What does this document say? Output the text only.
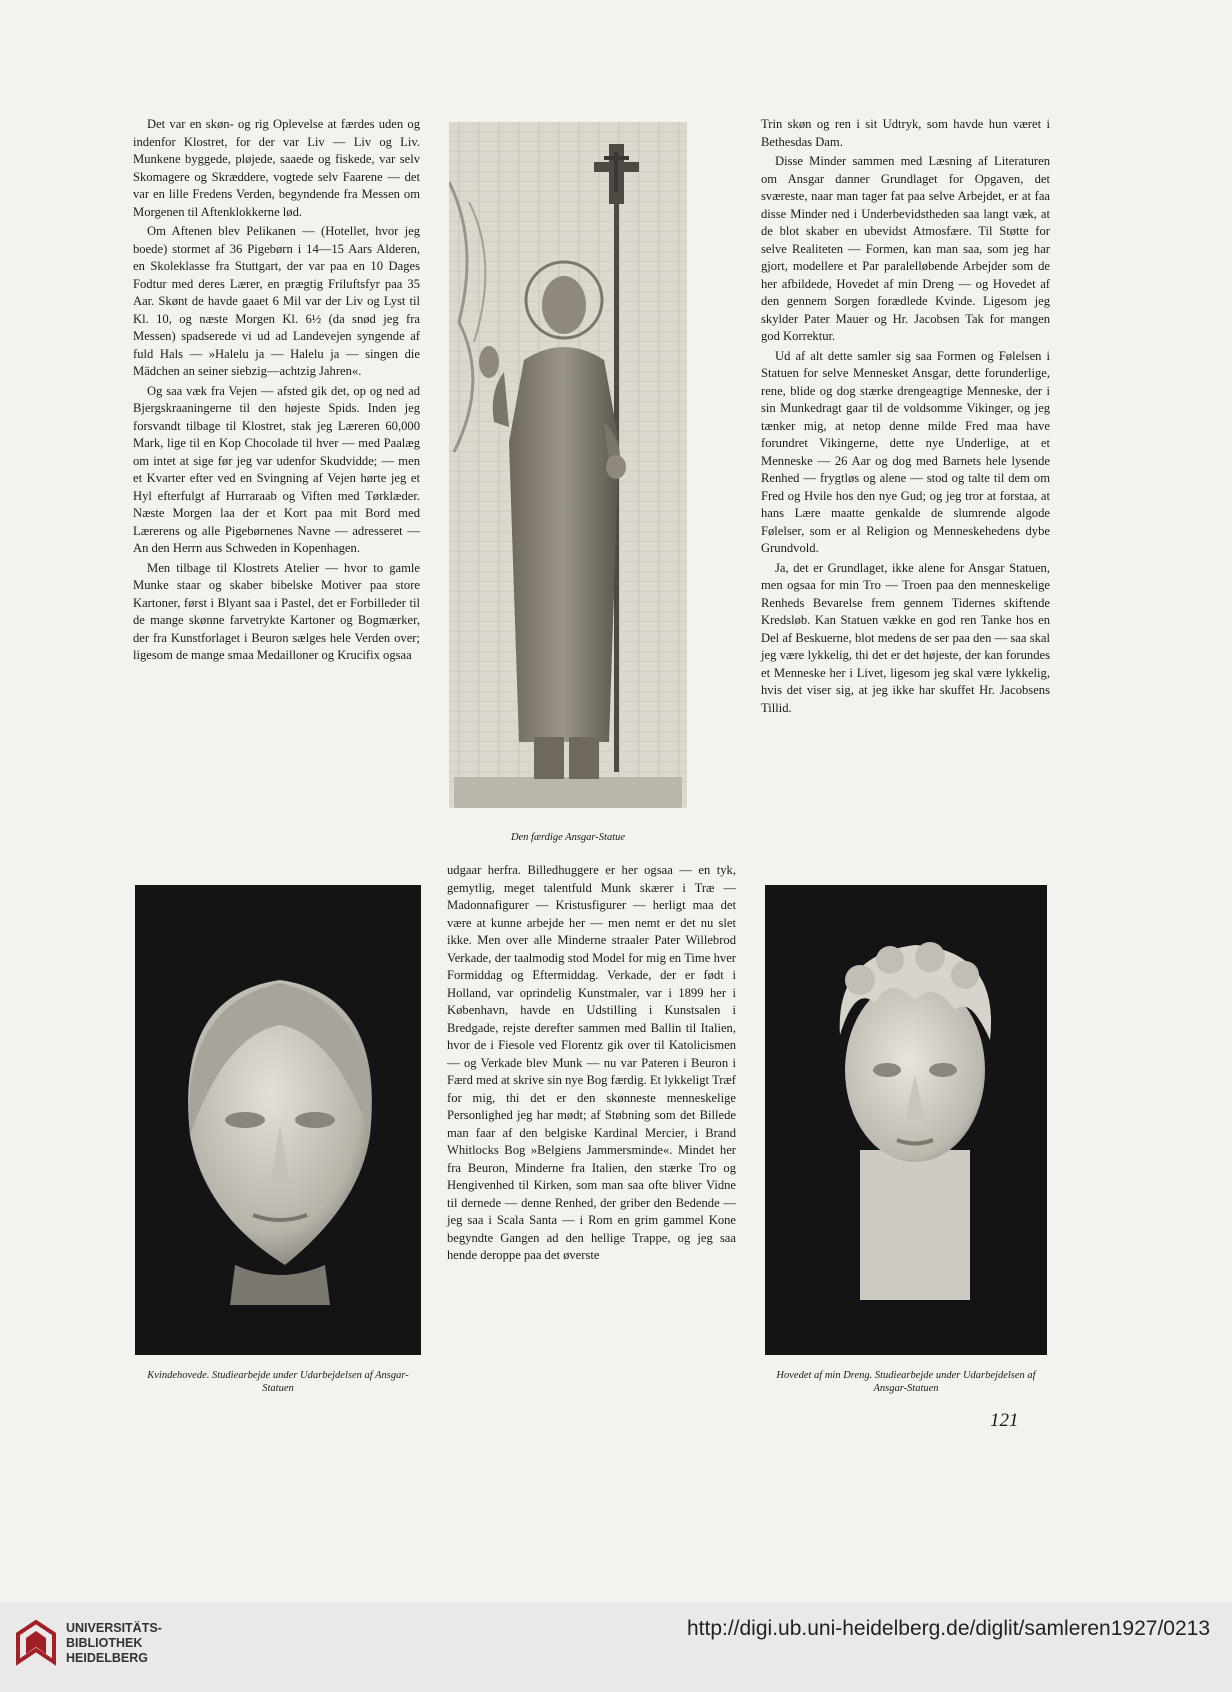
Det var en skøn- og rig Oplevelse at færdes uden og indenfor Klostret, for der var Liv — Liv og Liv. Munkene byggede, pløjede, saaede og fiskede, var selv Skomagere og Skræddere, vogtede selv Faarene — det var en lille Fredens Verden, begyndende fra Messen om Morgenen til Aftenklokkerne lød.

Om Aftenen blev Pelikanen — (Hotellet, hvor jeg boede) stormet af 36 Pigebørn i 14—15 Aars Alderen, en Skoleklasse fra Stuttgart, der var paa en 10 Dages Fodtur med deres Lærer, en prægtig Friluftsfyr paa 35 Aar. Skønt de havde gaaet 6 Mil var der Liv og Lyst til Kl. 10, og næste Morgen Kl. 6½ (da snød jeg fra Messen) spadserede vi ud ad Landevejen syngende af fuld Hals — »Halelu ja — Halelu ja — singen die Mädchen an seiner siebzig—achtzig Jahren«.

Og saa væk fra Vejen — afsted gik det, op og ned ad Bjergskraaningerne til den højeste Spids. Inden jeg forsvandt tilbage til Klostret, stak jeg Læreren 60,000 Mark, lige til en Kop Chocolade til hver — med Paalæg om intet at sige før jeg var udenfor Skudvidde; — men et Kvarter efter ved en Svingning af Vejen hørte jeg et Hyl efterfulgt af Hurraraab og Viften med Tørklæder. Næste Morgen laa der et Kort paa mit Bord med Lærerens og alle Pigebørnenes Navne — adresseret — An den Herrn aus Schweden in Kopenhagen.

Men tilbage til Klostrets Atelier — hvor to gamle Munke staar og skaber bibelske Motiver paa store Kartoner, først i Blyant saa i Pastel, det er Forbilleder til de mange skønne farvetrykte Kartoner og Bogmærker, der fra Kunstforlaget i Beuron sælges hele Verden over; ligesom de mange smaa Medailloner og Krucifix ogsaa

Den færdige Ansgar-Statue

udgaar herfra. Billedhuggere er her ogsaa — en tyk, gemytlig, meget talentfuld Munk skærer i Træ — Madonnafigurer — Kristusfigurer — herligt maa det være at kunne arbejde her — men nemt er det nu slet ikke. Men over alle Minderne straaler Pater Willebrod Verkade, der taalmodig stod Model for mig en Time hver Formiddag og Eftermiddag. Verkade, der er født i Holland, var oprindelig Kunstmaler, var i 1899 her i København, havde en Udstilling i Kunstsalen i Bredgade, rejste derefter sammen med Ballin til Italien, hvor de i Fiesole ved Florentz gik over til Katolicismen — og Verkade blev Munk — nu var Pateren i Beuron i Færd med at skrive sin nye Bog færdig. Et lykkeligt Træf for mig, thi det er den skønneste menneskelige Personlighed jeg har mødt; af Støbning som det Billede man faar af den belgiske Kardinal Mercier, i Brand Whitlocks Bog »Belgiens Jammersminde«. Mindet her fra Beuron, Minderne fra Italien, den stærke Tro og Hengivenhed til Kirken, som man saa ofte bliver Vidne til dernede — denne Renhed, der griber den Bedende — jeg saa i Scala Santa — i Rom en grim gammel Kone begyndte Gangen ad den hellige Trappe, og jeg saa hende deroppe paa det øverste

Trin skøn og ren i sit Udtryk, som havde hun været i Bethesdas Dam.

Disse Minder sammen med Læsning af Literaturen om Ansgar danner Grundlaget for Opgaven, det sværeste, naar man tager fat paa selve Arbejdet, er at faa disse Minder ned i Underbevidstheden saa langt væk, at de blot skaber en ubevidst Atmosfære. Til Støtte for selve Realiteten — Formen, kan man saa, som jeg har gjort, modellere et Par paralelløbende Arbejder som de her afbildede, Hovedet af min Dreng — og Hovedet af den gennem Sorgen forædlede Kvinde. Ligesom jeg skylder Pater Mauer og Hr. Jacobsen Tak for mangen god Korrektur.

Ud af alt dette samler sig saa Formen og Følelsen i Statuen for selve Mennesket Ansgar, dette forunderlige, rene, blide og dog stærke drengeagtige Menneske, der i sin Munkedragt gaar til de voldsomme Vikinger, og jeg tænker mig, at netop denne milde Fred maa have forundret Vikingerne, dette nye Underlige, at et Menneske — 26 Aar og dog med Barnets hele lysende Renhed — frygtløs og alene — stod og talte til dem om Fred og Hvile hos den nye Gud; og jeg tror at forstaa, at hans Lære maatte genkalde de slumrende algode Følelser, som er al Religion og Menneskehedens dybe Grundvold.

Ja, det er Grundlaget, ikke alene for Ansgar Statuen, men ogsaa for min Tro — Troen paa den menneskelige Renheds Bevarelse frem gennem Tidernes skiftende Kredsløb. Kan Statuen vække en god ren Tanke hos en Del af Beskuerne, blot medens de ser paa den — saa skal jeg være lykkelig, thi det er det højeste, der kan forundes et Menneske her i Livet, ligesom jeg skal være lykkelig, hvis det viser sig, at jeg ikke har skuffet Hr. Jacobsens Tillid.

Kvindehovede. Studiearbejde under Udarbejdelsen af Ansgar-Statuen

Hovedet af min Dreng. Studiearbejde under Udarbejdelsen af Ansgar-Statuen

121
UNIVERSITÄTS-
BIBLIOTHEK
HEIDELBERG
http://digi.ub.uni-heidelberg.de/diglit/samleren1927/0213
